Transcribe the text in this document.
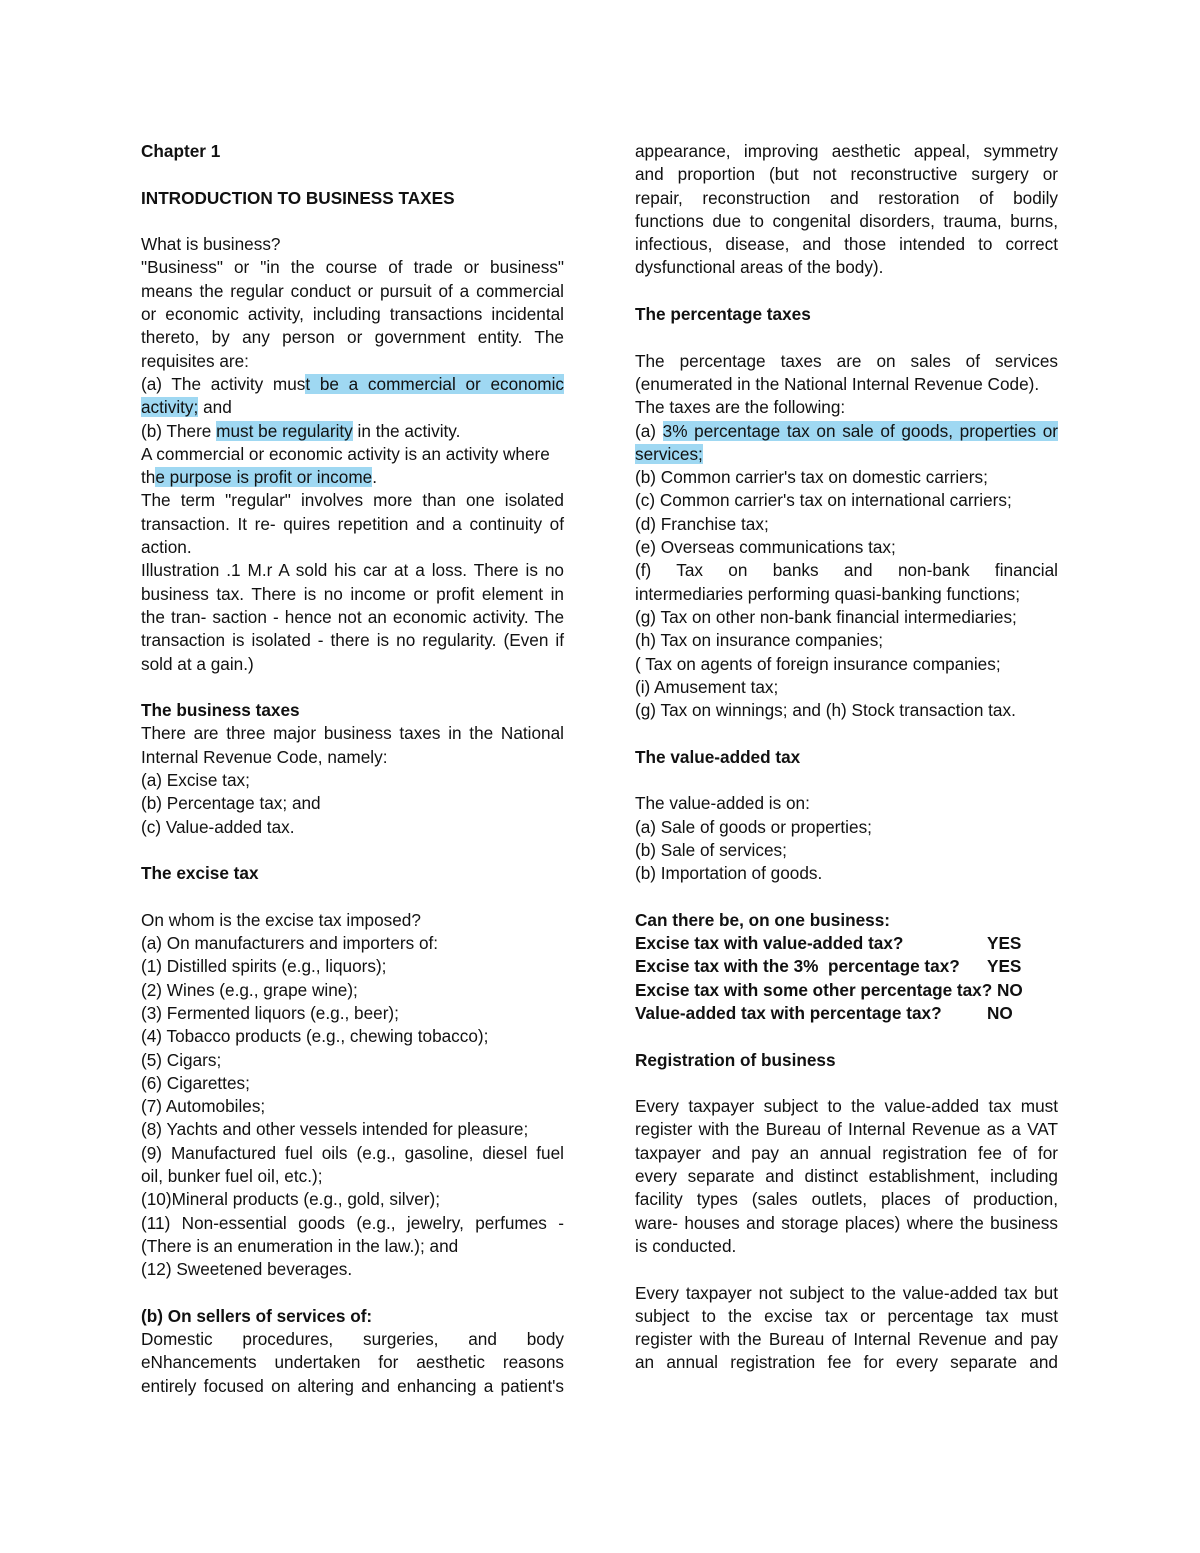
Chapter 1
INTRODUCTION TO BUSINESS TAXES
What is business?
"Business" or "in the course of trade or business"
means the regular conduct or pursuit of a commercial
or economic activity, including transactions incidental
thereto, by any person or government entity. The
requisites are:
(a) The activity must be a commercial or economic
activity; and
(b) There must be regularity in the activity.
A commercial or economic activity is an activity where
the purpose is profit or income.
The term "regular" involves more than one isolated
transaction. It re- quires repetition and a continuity of
action.
Illustration .1 M.r A sold his car at a loss. There is no
business tax. There is no income or profit element in
the tran- saction - hence not an economic activity. The
transaction is isolated - there is no regularity. (Even if
sold at a gain.)
The business taxes
There are three major business taxes in the National
Internal Revenue Code, namely:
(a) Excise tax;
(b) Percentage tax; and
(c) Value-added tax.
The excise tax
On whom is the excise tax imposed?
(a) On manufacturers and importers of:
(1) Distilled spirits (e.g., liquors);
(2) Wines (e.g., grape wine);
(3) Fermented liquors (e.g., beer);
(4) Tobacco products (e.g., chewing tobacco);
(5) Cigars;
(6) Cigarettes;
(7) Automobiles;
(8) Yachts and other vessels intended for pleasure;
(9) Manufactured fuel oils (e.g., gasoline, diesel fuel
oil, bunker fuel oil, etc.);
(10)Mineral products (e.g., gold, silver);
(11) Non-essential goods (e.g., jewelry, perfumes -
(There is an enumeration in the law.); and
(12) Sweetened beverages.
(b) On sellers of services of:
Domestic procedures, surgeries, and body
eNhancements undertaken for aesthetic reasons
entirely focused on altering and enhancing a patient's
appearance, improving aesthetic appeal, symmetry
and proportion (but not reconstructive surgery or
repair, reconstruction and restoration of bodily
functions due to congenital disorders, trauma, burns,
infectious, disease, and those intended to correct
dysfunctional areas of the body).
The percentage taxes
The percentage taxes are on sales of services
(enumerated in the National Internal Revenue Code).
The taxes are the following:
(a) 3% percentage tax on sale of goods, properties or
services;
(b) Common carrier's tax on domestic carriers;
(c) Common carrier's tax on international carriers;
(d) Franchise tax;
(e) Overseas communications tax;
(f) Tax on banks and non-bank financial
intermediaries performing quasi-banking functions;
(g) Tax on other non-bank financial intermediaries;
(h) Tax on insurance companies;
( Tax on agents of foreign insurance companies;
(i) Amusement tax;
(g) Tax on winnings; and (h) Stock transaction tax.
The value-added tax
The value-added is on:
(a) Sale of goods or properties;
(b) Sale of services;
(b) Importation of goods.
Can there be, on one business:
Excise tax with value-added tax?	YES
Excise tax with the 3%  percentage tax? YES
Excise tax with some other percentage tax? NO
Value-added tax with percentage tax?	NO
Registration of business
Every taxpayer subject to the value-added tax must
register with the Bureau of Internal Revenue as a VAT
taxpayer and pay an annual registration fee of for
every separate and distinct establishment, including
facility types (sales outlets, places of production,
ware- houses and storage places) where the business
is conducted.
Every taxpayer not subject to the value-added tax but
subject to the excise tax or percentage tax must
register with the Bureau of Internal Revenue and pay
an annual registration fee for every separate and
